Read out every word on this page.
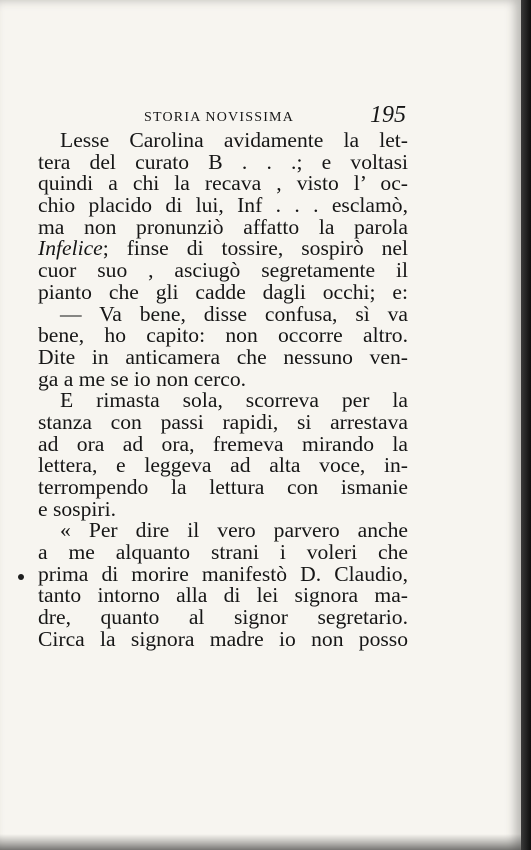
STORIA NOVISSIMA	195
Lesse Carolina avidamente la let-
tera del curato B . . .; e voltasi
quindi a chi la recava , visto l’ oc-
chio placido di lui, Inf . . . esclamò,
ma non pronunziò affatto la parola
Infelice; finse di tossire, sospirò nel
cuor suo , asciugò segretamente il
pianto che gli cadde dagli occhi; e:
— Va bene, disse confusa, sì va
bene, ho capito: non occorre altro.
Dite in anticamera che nessuno ven-
ga a me se io non cerco.
E rimasta sola, scorreva per la
stanza con passi rapidi, si arrestava
ad ora ad ora, fremeva mirando la
lettera, e leggeva ad alta voce, in-
terrompendo la lettura con ismanie
e sospiri.
« Per dire il vero parvero anche
a me alquanto strani i voleri che
prima di morire manifestò D. Claudio,
tanto intorno alla di lei signora ma-
dre, quanto al signor segretario.
Circa la signora madre io non posso
